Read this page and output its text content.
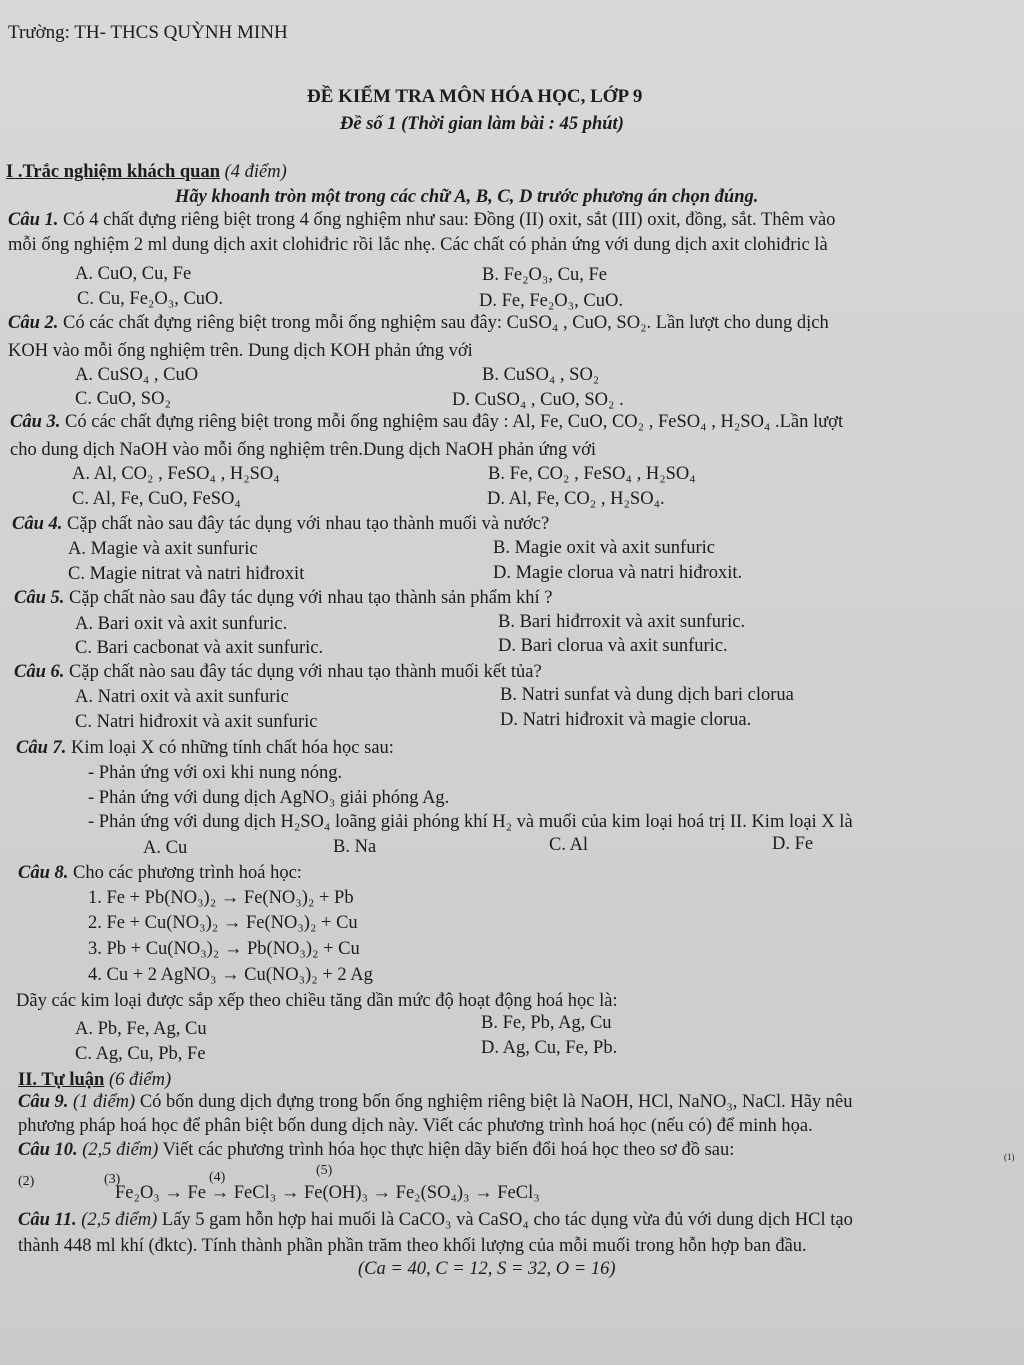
Trường: TH- THCS QUỲNH MINH
ĐỀ KIỂM TRA MÔN HÓA HỌC, LỚP 9
Đề số 1 (Thời gian làm bài : 45 phút)
I .Trắc nghiệm khách quan (4 điểm)
Hãy khoanh tròn một trong các chữ A, B, C, D trước phương án chọn đúng.
Câu 1. Có 4 chất đựng riêng biệt trong 4 ống nghiệm như sau: Đồng (II) oxit, sắt (III) oxit, đồng, sắt. Thêm vào
mỗi ống nghiệm 2 ml dung dịch axit clohiđric rồi lắc nhẹ. Các chất có phản ứng với dung dịch axit clohiđric là
A. CuO, Cu, Fe	B. Fe₂O₃, Cu, Fe
C. Cu, Fe₂O₃, CuO.	D. Fe, Fe₂O₃, CuO.
Câu 2. Có các chất đựng riêng biệt trong mỗi ống nghiệm sau đây: CuSO₄ , CuO, SO₂. Lần lượt cho dung dịch
KOH vào mỗi ống nghiệm trên. Dung dịch KOH phản ứng với
A. CuSO₄ , CuO	B. CuSO₄ , SO₂
C. CuO, SO₂	D. CuSO₄ , CuO, SO₂ .
Câu 3. Có các chất đựng riêng biệt trong mỗi ống nghiệm sau đây : Al, Fe, CuO, CO₂ , FeSO₄ , H₂SO₄ .Lần lượt
cho dung dịch NaOH vào mỗi ống nghiệm trên.Dung dịch NaOH phản ứng với
A. Al, CO₂ , FeSO₄ , H₂SO₄	B. Fe, CO₂ , FeSO₄ , H₂SO₄
C. Al, Fe, CuO, FeSO₄	D. Al, Fe, CO₂ , H₂SO₄.
Câu 4. Cặp chất nào sau đây tác dụng với nhau tạo thành muối và nước?
A. Magie và axit sunfuric	B. Magie oxit và axit sunfuric
C. Magie nitrat và natri hiđroxit	D. Magie clorua và natri hiđroxit.
Câu 5. Cặp chất nào sau đây tác dụng với nhau tạo thành sản phẩm khí ?
A. Bari oxit và axit sunfuric.	B. Bari hiđrroxit và axit sunfuric.
C. Bari cacbonat và axit sunfuric.	D. Bari clorua và axit sunfuric.
Câu 6. Cặp chất nào sau đây tác dụng với nhau tạo thành muối kết tủa?
A. Natri oxit và axit sunfuric	B. Natri sunfat và dung dịch bari clorua
C. Natri hiđroxit và axit sunfuric	D. Natri hiđroxit và magie clorua.
Câu 7. Kim loại X có những tính chất hóa học sau:
- Phản ứng với oxi khi nung nóng.
- Phản ứng với dung dịch AgNO₃ giải phóng Ag.
- Phản ứng với dung dịch H₂SO₄ loãng giải phóng khí H₂ và muối của kim loại hoá trị II. Kim loại X là
A. Cu	B. Na	C. Al	D. Fe
Câu 8. Cho các phương trình hoá học:
1. Fe + Pb(NO₃)₂ → Fe(NO₃)₂ + Pb
2. Fe + Cu(NO₃)₂ → Fe(NO₃)₂ + Cu
3. Pb + Cu(NO₃)₂ → Pb(NO₃)₂ + Cu
4. Cu + 2 AgNO₃ → Cu(NO₃)₂ + 2 Ag
Dãy các kim loại được sắp xếp theo chiều tăng dần mức độ hoạt động hoá học là:
A. Pb, Fe, Ag, Cu	B. Fe, Pb, Ag, Cu
C. Ag, Cu, Pb, Fe	D. Ag, Cu, Fe, Pb.
II. Tự luận (6 điểm)
Câu 9. (1 điểm) Có bốn dung dịch đựng trong bốn ống nghiệm riêng biệt là NaOH, HCl, NaNO₃, NaCl. Hãy nêu
phương pháp hoá học để phân biệt bốn dung dịch này. Viết các phương trình hoá học (nếu có) để minh họa.
Câu 10. (2,5 điểm) Viết các phương trình hóa học thực hiện dãy biến đổi hoá học theo sơ đồ sau:	(1)
(2)	(3)	(4)	(5)
Fe₂O₃ → Fe → FeCl₃ → Fe(OH)₃ → Fe₂(SO₄)₃ → FeCl₃
Câu 11. (2,5 điểm) Lấy 5 gam hỗn hợp hai muối là CaCO₃ và CaSO₄ cho tác dụng vừa đủ với dung dịch HCl tạo
thành 448 ml khí (đktc). Tính thành phần phần trăm theo khối lượng của mỗi muối trong hỗn hợp ban đầu.
(Ca = 40, C = 12, S = 32, O = 16)
